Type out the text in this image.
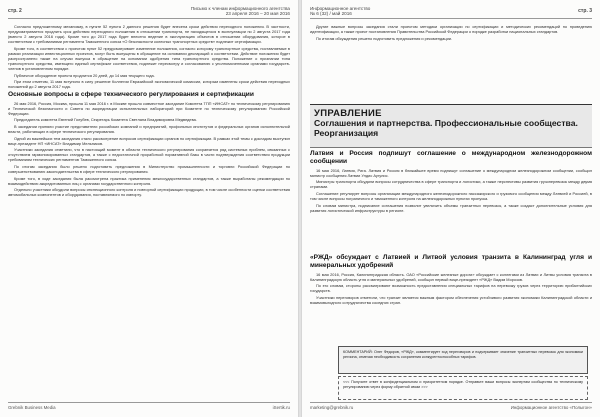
стр. 2	Письмо к членам информационного агентства
23 апреля 2016 – 20 мая 2016

Согласно предложенному механизму, в пункте 52 пункта 2 данного решения будет внесена сроки действия переходного положения. В частности, предусматривается продлить срок действия переходного положения в отношении транспорта, не находящегося в эксплуатации по 2 августа 2017 года (вместо 2 августа 2016 года). Кроме того до 2017 года будет внесено ведение в эксплуатацию объектов в отношении оборудования, которое в соответствии с требованиями регламента Таможенного союза «О безопасности колесных транспортных средств» подлежит сертификации.

Кроме того, в соответствии с проектом пункт 52 предусматривает изменение положения, согласно которому транспортные средства, поставляемые в рамках реализации инвестиционных проектов, могут быть выпущены в обращение на основании деклараций о соответствии. Действие положения будет распространено также на случаи выпуска в обращение на основании одобрения типа транспортного средства. Положение о признании типа транспортного средства, имеющего единый сертификат соответствия, подлежит пересмотру и согласованию с уполномоченными органами государств-членов в установленном порядке.

Публичное обсуждение проекта продлится 20 дней, до 14 мая текущего года.

При этом отметим, 11 мая вступило в силу решение Коллегии Евразийской экономической комиссии, которым изменены сроки действия переходных положений до 2 августа 2017 года.

Основные вопросы в сфере технического регулирования и сертификации

26 мая 2016, Россия, Москва, прошла 11 мая 2016 г. в Москве прошло совместное заседание Комитета ТПП «ИНСАТ» по техническому регулированию и Технической безопасности и Совета по аккредитации испытательных лабораторий при Комитете по техническому регулированию Российской Федерации.

Председатель комитета Евгений Голубев, Секретарь Комитета Светлана Владимировна Медведева.

В заседании приняли участие представители российских компаний и предприятий, профильных институтов и федеральных органов исполнительной власти, работающих в сфере технического регулирования.

Одной из важнейших тем заседания стало рассмотрение вопросов сертификации органов по сертификации. В рамках этой темы с докладом выступил вице-президент НП «ИНСАТ» Владимир Мельников.

Участники заседания отметили, что в настоящий момент в области технического регулирования сохраняется ряд системных проблем, связанных с отсутствием гармонизированных стандартов, а также с недостаточной проработкой нормативной базы в части подтверждения соответствия продукции требованиям технических регламентов Таможенного союза.

По итогам заседания было решено подготовить предложения в Министерство промышленности и торговли Российской Федерации по совершенствованию законодательства в сфере технического регулирования.

Кроме того, в ходе заседания была рассмотрена практика применения межгосударственных стандартов, а также выработаны рекомендации по взаимодействию аккредитованных лиц с органами государственного контроля.

Отдельно участники обсудили вопросы инспекционного контроля и повторной сертификации продукции, в том числе особенности оценки соответствия автомобильных компонентов и оборудования, поставляемого по импорту.

Grebnik Business Media	iSertik.ru
Информационное агентство
№ 6 (32) / май 2016	стр. 3

Другие важные вопросы заседания стали проектом методики организации по сертификации и методических рекомендаций по проведению идентификации, а также проект постановления Правительства Российской Федерации о порядке разработки национальных стандартов.

По итогам обсуждения решено подготовить предложения и рекомендации.

УПРАВЛЕНИЕ
Соглашения и партнерства. Профессиональные сообщества. Реорганизация

Латвия и Россия подпишут соглашение о международном железнодорожном сообщении

16 мая 2016, Латвия, Рига. Латвия и Россия в ближайшее время подпишут соглашение о международном железнодорожном сообщении, сообщил министр сообщения Латвии Улдис Аугулис.

Министры транспорта обсудили вопросы сотрудничества в сфере транспорта и логистики, а также перспективы развития грузоперевозок между двумя странами.

Соглашение регулирует вопросы организации международного железнодорожного пассажирского и грузового сообщения между Латвией и Россией, в том числе вопросы пограничного и таможенного контроля на железнодорожных пунктах пропуска.

По словам министра, подписание соглашения позволит увеличить объемы транзитных перевозок, а также создаст дополнительные условия для развития логистической инфраструктуры в регионе.

«РЖД» обсуждает с Латвией и Литвой условия транзита в Калининград угля и минеральных удобрений

16 мая 2016, Россия, Калининградская область. ОАО «Российские железные дороги» обсуждает с коллегами из Латвии и Литвы условия транзита в Калининградскую область угля и минеральных удобрений, сообщил первый вице-президент «РЖД» Вадим Морозов.

По его словам, стороны рассматривают возможность предоставления специальных тарифов на перевозку грузов через территорию прибалтийских государств.

Участники переговоров отметили, что транзит является важным фактором обеспечения устойчивого развития экономики Калининградской области и взаимовыгодного сотрудничества соседних стран.

КОММЕНТАРИЙ: Олег Федоров, «РЖД», комментирует ход переговоров и подчеркивает значение транзитных перевозок для экономики региона, отмечая необходимость сохранения конкурентоспособных тарифов.
<<< Получите ответ в конфиденциальном и приоритетном порядке. Отправьте ваши вопросы экспертам сообщества по техническому регулированию через форму обратной связи >>>
marketing@grebnik.ru	Информационное агентство «Полыгон»
